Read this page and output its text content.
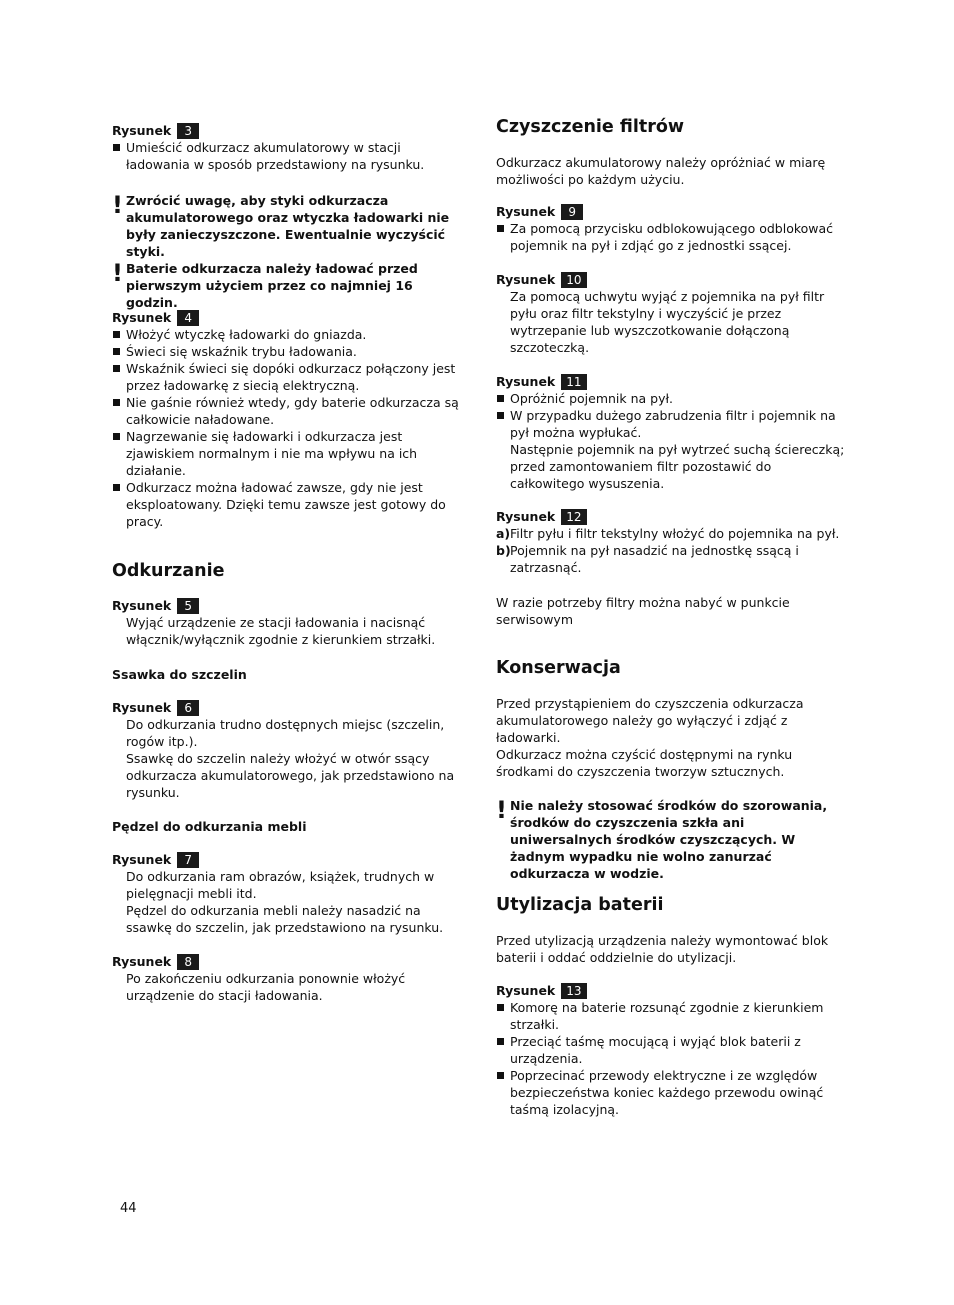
Rysunek	3
Umieścić odkurzacz akumulatorowy w stacji ładowania w sposób przedstawiony na rysunku.
! Zwrócić uwagę, aby styki odkurzacza akumulatorowego oraz wtyczka ładowarki nie były zanieczyszczone. Ewentualnie wyczyścić styki.
! Baterie odkurzacza należy ładować przed pierwszym użyciem przez co najmniej 16 godzin.
Rysunek	4
Włożyć wtyczkę ładowarki do gniazda.
Świeci się wskaźnik trybu ładowania.
Wskaźnik świeci się dopóki odkurzacz połączony jest przez ładowarkę z siecią elektryczną.
Nie gaśnie również wtedy, gdy baterie odkurzacza są całkowicie naładowane.
Nagrzewanie się ładowarki i odkurzacza jest zjawiskiem normalnym i nie ma wpływu na ich działanie.
Odkurzacz można ładować zawsze, gdy nie jest eksploatowany. Dzięki temu zawsze jest gotowy do pracy.
Odkurzanie
Rysunek	5
Wyjąć urządzenie ze stacji ładowania i nacisnąć włącznik/wyłącznik zgodnie z kierunkiem strzałki.
Ssawka do szczelin
Rysunek	6
Do odkurzania trudno dostępnych miejsc (szczelin, rogów itp.).
Ssawkę do szczelin należy włożyć w otwór ssący odkurzacza akumulatorowego, jak przedstawiono na rysunku.
Pędzel do odkurzania mebli
Rysunek	7
Do odkurzania ram obrazów, książek, trudnych w pielęgnacji mebli itd.
Pędzel do odkurzania mebli należy nasadzić na ssawkę do szczelin, jak przedstawiono na rysunku.
Rysunek	8
Po zakończeniu odkurzania ponownie włożyć urządzenie do stacji ładowania.
Czyszczenie filtrów
Odkurzacz akumulatorowy należy opróżniać w miarę możliwości po każdym użyciu.
Rysunek	9
Za pomocą przycisku odblokowującego odblokować pojemnik na pył i zdjąć go z jednostki ssącej.
Rysunek 10
Za pomocą uchwytu wyjąć z pojemnika na pył filtr pyłu oraz filtr tekstylny i wyczyścić je przez wytrzepanie lub wyszczotkowanie dołączoną szczoteczką.
Rysunek 11
Opróżnić pojemnik na pył.
W przypadku dużego zabrudzenia filtr i pojemnik na pył można wypłukać.
Następnie pojemnik na pył wytrzeć suchą ściereczką; przed zamontowaniem filtr pozostawić do całkowitego wysuszenia.
Rysunek 12
a) Filtr pyłu i filtr tekstylny włożyć do pojemnika na pył.
b) Pojemnik na pył nasadzić na jednostkę ssącą i zatrzasnąć.
W razie potrzeby filtry można nabyć w punkcie serwisowym
Konserwacja
Przed przystąpieniem do czyszczenia odkurzacza akumulatorowego należy go wyłączyć i zdjąć z ładowarki.
Odkurzacz można czyścić dostępnymi na rynku środkami do czyszczenia tworzyw sztucznych.
! Nie należy stosować środków do szorowania, środków do czyszczenia szkła ani uniwersalnych środków czyszczących. W żadnym wypadku nie wolno zanurzać odkurzacza w wodzie.
Utylizacja baterii
Przed utylizacją urządzenia należy wymontować blok baterii i oddać oddzielnie do utylizacji.
Rysunek 13
Komorę na baterie rozsunąć zgodnie z kierunkiem strzałki.
Przeciąć taśmę mocującą i wyjąć blok baterii z urządzenia.
Poprzecinać przewody elektryczne i ze względów bezpieczeństwa koniec każdego przewodu owinąć taśmą izolacyjną.
44
